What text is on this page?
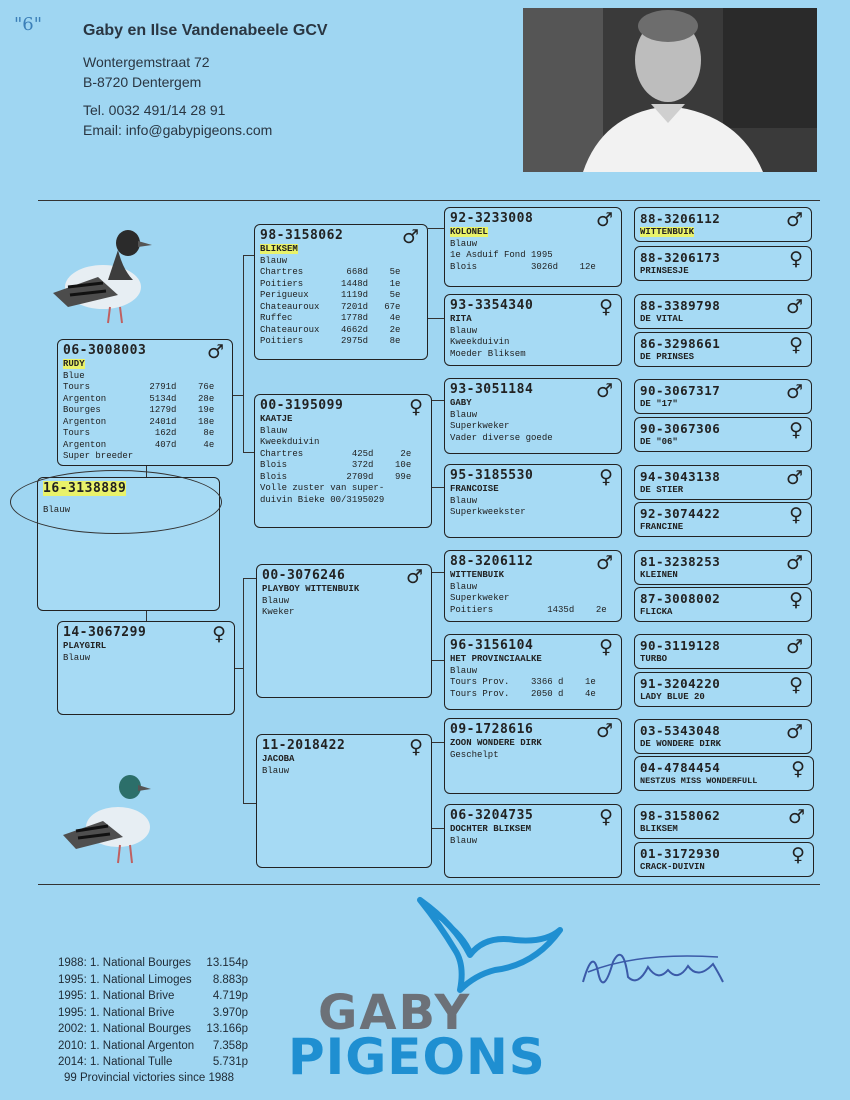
"6"	Gaby en Ilse Vandenabeele GCV
Wontergemstraat 72
B-8720 Dentergem
Tel. 0032 491/14 28 91
Email: info@gabypigeons.com
16-3138889
Blauw
06-3008003	♂
RUDY
Blue
Tours           2791d    76e
Argenton        5134d    28e
Bourges         1279d    19e
Argenton        2401d    18e
Tours            162d     8e
Argenton         407d     4e
Super breeder
14-3067299	♀
PLAYGIRL
Blauw
98-3158062	♂
BLIKSEM
Blauw
Chartres        668d    5e
Poitiers       1448d    1e
Perigueux      1119d    5e
Chateauroux    7201d   67e
Ruffec         1778d    4e
Chateauroux    4662d    2e
Poitiers       2975d    8e
00-3195099	♀
KAATJE
Blauw
Kweekduivin
Chartres         425d     2e
Blois            372d    10e
Blois           2709d    99e
Volle zuster van super-
duivin Bieke 00/3195029
00-3076246	♂
PLAYBOY WITTENBUIK
Blauw
Kweker
11-2018422	♀
JACOBA
Blauw
92-3233008	♂
KOLONEL
Blauw
1e Asduif Fond 1995
Blois          3026d    12e
93-3354340	♀
RITA
Blauw
Kweekduivin
Moeder Bliksem
93-3051184	♂
GABY
Blauw
Superkweker
Vader diverse goede
95-3185530	♀
FRANCOISE
Blauw
Superkweekster
88-3206112	♂
WITTENBUIK
Blauw
Superkweker
Poitiers          1435d    2e
96-3156104	♀
HET PROVINCIAALKE
Blauw
Tours Prov.    3366 d    1e
Tours Prov.    2050 d    4e
09-1728616	♂
ZOON WONDERE DIRK
Geschelpt
06-3204735	♀
DOCHTER BLIKSEM
Blauw
88-3206112	♂
WITTENBUIK
88-3206173	♀
PRINSESJE
88-3389798	♂
DE VITAL
86-3298661	♀
DE PRINSES
90-3067317	♂
DE "17"
90-3067306	♀
DE "06"
94-3043138	♂
DE STIER
92-3074422	♀
FRANCINE
81-3238253	♂
KLEINEN
87-3008002	♀
FLICKA
90-3119128	♂
TURBO
91-3204220	♀
LADY BLUE 20
03-5343048	♂
DE WONDERE DIRK
04-4784454	♀
NESTZUS MISS WONDERFULL
98-3158062	♂
BLIKSEM
01-3172930	♀
CRACK-DUIVIN
1988: 1. National Bourges 13.154p
1995: 1. National Limoges 8.883p
1995: 1. National Brive	4.719p
1995: 1. National Brive	3.970p
2002: 1. National Bourges 13.166p
2010: 1. National Argenton 7.358p
2014: 1. National Tulle	5.731p
99 Provincial victories since 1988
GABY
PIGEONS
